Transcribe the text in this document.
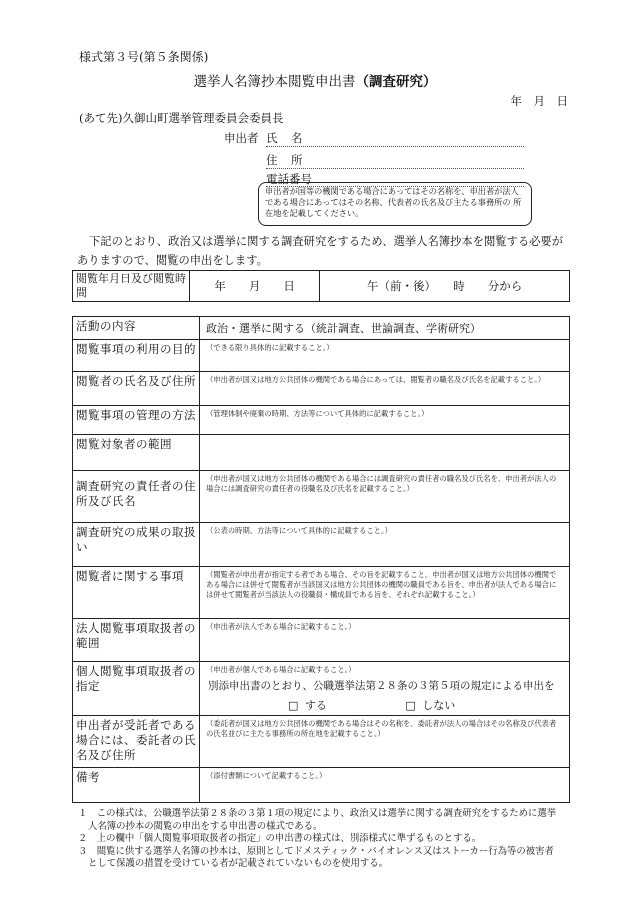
様式第３号(第５条関係)
選挙人名簿抄本閲覧申出書（調査研究）
年　月　日
(あて先)久御山町選挙管理委員会委員長
申出者 氏　名
住　所
電話番号
申出者が国等の機関である場合にあってはその名称を、申出者が法人である場合にあってはその名称、代表者の氏名及び主たる事務所の 所在地を記載してください。
下記のとおり、政治又は選挙に関する調査研究をするため、選挙人名簿抄本を閲覧する必要がありますので、閲覧の申出をします。
閲覧年月日及び閲覧時間	年　　月　　日	午（前・後）　　時　　分から
活動の内容	政治・選挙に関する（統計調査、世論調査、学術研究）
閲覧事項の利用の目的	（できる限り具体的に記載すること。）
閲覧者の氏名及び住所	（申出者が国又は地方公共団体の機関である場合にあっては、閲覧者の職名及び氏名を記載すること。）
閲覧事項の管理の方法	（管理体制や廃棄の時期、方法等について具体的に記載すること。）
閲覧対象者の範囲	
調査研究の責任者の住所及び氏名	（申出者が国又は地方公共団体の機関である場合には調査研究の責任者の職名及び氏名を、申出者が法人の場合には調査研究の責任者の役職名及び氏名を記載すること。）
調査研究の成果の取扱い	（公表の時期、方法等について具体的に記載すること。）
閲覧者に関する事項	（閲覧者が申出者が指定する者である場合、その旨を記載すること。申出者が国又は地方公共団体の機関である場合には併せて閲覧者が当該国又は地方公共団体の機関の職員である旨を、申出者が法人である場合には併せて閲覧者が当該法人の役職員・構成員である旨を、それぞれ記載すること。）
法人閲覧事項取扱者の範囲	（申出者が法人である場合に記載すること。）
個人閲覧事項取扱者の指定	（申出者が個人である場合に記載すること。）
別添申出書のとおり、公職選挙法第２８条の３第５項の規定による申出を
□ する □ しない

申出者が受託者である場合には、委託者の氏名及び住所	（委託者が国又は地方公共団体の機関である場合はその名称を、委託者が法人の場合はその名称及び代表者の氏名並びに主たる事務所の所在地を記載すること。）
備考	（添付書類について記載すること。）
１　この様式は、公職選挙法第２８条の３第１項の規定により、政治又は選挙に関する調査研究をするために選挙人名簿の抄本の閲覧の申出をする申出書の様式である。
２　上の欄中「個人閲覧事項取扱者の指定」の申出書の様式は、別添様式に準ずるものとする。
３　閲覧に供する選挙人名簿の抄本は、原則としてドメスティック・バイオレンス又はストーカー行為等の被害者として保護の措置を受けている者が記載されていないものを使用する。
